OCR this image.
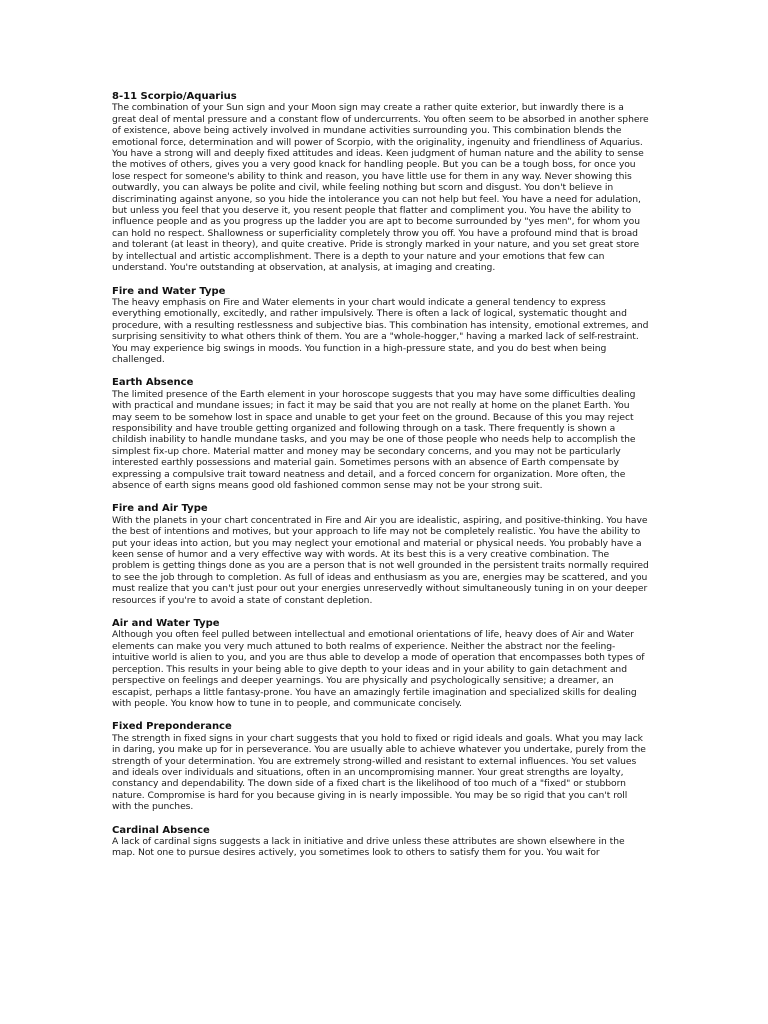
8-11 Scorpio/Aquarius

The combination of your Sun sign and your Moon sign may create a rather quite exterior, but inwardly there is a great deal of mental pressure and a constant flow of undercurrents. You often seem to be absorbed in another sphere of existence, above being actively involved in mundane activities surrounding you. This combination blends the emotional force, determination and will power of Scorpio, with the originality, ingenuity and friendliness of Aquarius. You have a strong will and deeply fixed attitudes and ideas. Keen judgment of human nature and the ability to sense the motives of others, gives you a very good knack for handling people. But you can be a tough boss, for once you lose respect for someone's ability to think and reason, you have little use for them in any way. Never showing this outwardly, you can always be polite and civil, while feeling nothing but scorn and disgust. You don't believe in discriminating against anyone, so you hide the intolerance you can not help but feel. You have a need for adulation, but unless you feel that you deserve it, you resent people that flatter and compliment you. You have the ability to influence people and as you progress up the ladder you are apt to become surrounded by "yes men", for whom you can hold no respect. Shallowness or superficiality completely throw you off. You have a profound mind that is broad and tolerant (at least in theory), and quite creative. Pride is strongly marked in your nature, and you set great store by intellectual and artistic accomplishment. There is a depth to your nature and your emotions that few can understand. You're outstanding at observation, at analysis, at imaging and creating.

Fire and Water Type

The heavy emphasis on Fire and Water elements in your chart would indicate a general tendency to express everything emotionally, excitedly, and rather impulsively. There is often a lack of logical, systematic thought and procedure, with a resulting restlessness and subjective bias. This combination has intensity, emotional extremes, and surprising sensitivity to what others think of them. You are a "whole-hogger," having a marked lack of self-restraint. You may experience big swings in moods. You function in a high-pressure state, and you do best when being challenged.

Earth Absence

The limited presence of the Earth element in your horoscope suggests that you may have some difficulties dealing with practical and mundane issues; in fact it may be said that you are not really at home on the planet Earth. You may seem to be somehow lost in space and unable to get your feet on the ground. Because of this you may reject responsibility and have trouble getting organized and following through on a task. There frequently is shown a childish inability to handle mundane tasks, and you may be one of those people who needs help to accomplish the simplest fix-up chore. Material matter and money may be secondary concerns, and you may not be particularly interested earthly possessions and material gain. Sometimes persons with an absence of Earth compensate by expressing a compulsive trait toward neatness and detail, and a forced concern for organization. More often, the absence of earth signs means good old fashioned common sense may not be your strong suit.

Fire and Air Type

With the planets in your chart concentrated in Fire and Air you are idealistic, aspiring, and positive-thinking. You have the best of intentions and motives, but your approach to life may not be completely realistic. You have the ability to put your ideas into action, but you may neglect your emotional and material or physical needs. You probably have a keen sense of humor and a very effective way with words. At its best this is a very creative combination. The problem is getting things done as you are a person that is not well grounded in the persistent traits normally required to see the job through to completion. As full of ideas and enthusiasm as you are, energies may be scattered, and you must realize that you can't just pour out your energies unreservedly without simultaneously tuning in on your deeper resources if you're to avoid a state of constant depletion.

Air and Water Type

Although you often feel pulled between intellectual and emotional orientations of life, heavy does of Air and Water elements can make you very much attuned to both realms of experience. Neither the abstract nor the feeling-intuitive world is alien to you, and you are thus able to develop a mode of operation that encompasses both types of perception. This results in your being able to give depth to your ideas and in your ability to gain detachment and perspective on feelings and deeper yearnings. You are physically and psychologically sensitive; a dreamer, an escapist, perhaps a little fantasy-prone. You have an amazingly fertile imagination and specialized skills for dealing with people. You know how to tune in to people, and communicate concisely.

Fixed Preponderance

The strength in fixed signs in your chart suggests that you hold to fixed or rigid ideals and goals. What you may lack in daring, you make up for in perseverance. You are usually able to achieve whatever you undertake, purely from the strength of your determination. You are extremely strong-willed and resistant to external influences. You set values and ideals over individuals and situations, often in an uncompromising manner. Your great strengths are loyalty, constancy and dependability. The down side of a fixed chart is the likelihood of too much of a "fixed" or stubborn nature. Compromise is hard for you because giving in is nearly impossible. You may be so rigid that you can't roll with the punches.

Cardinal Absence

A lack of cardinal signs suggests a lack in initiative and drive unless these attributes are shown elsewhere in the map. Not one to pursue desires actively, you sometimes look to others to satisfy them for you. You wait for
